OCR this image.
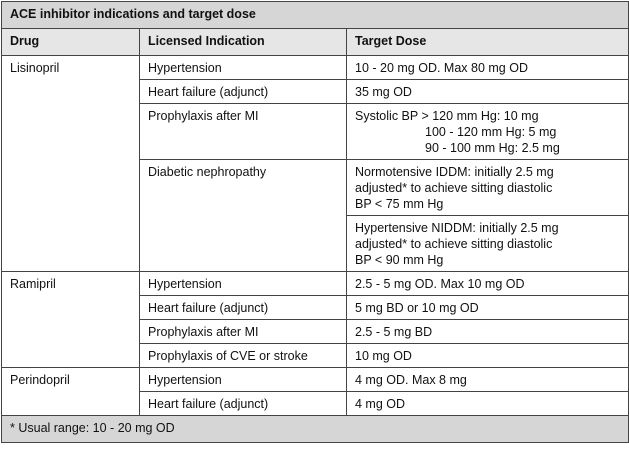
ACE inhibitor indications and target dose		
Drug	Licensed Indication	Target Dose
Lisinopril	Hypertension	10 - 20 mg OD. Max 80 mg OD
	Heart failure (adjunct)	35 mg OD
	Prophylaxis after MI	Systolic BP > 120 mm Hg: 10 mg
100 - 120 mm Hg: 5 mg
90 - 100 mm Hg: 2.5 mg

	Diabetic nephropathy	Normotensive IDDM: initially 2.5 mg
adjusted* to achieve sitting diastolic
BP < 75 mm Hg

		Hypertensive NIDDM: initially 2.5 mg
adjusted* to achieve sitting diastolic
BP < 90 mm Hg

Ramipril	Hypertension	2.5 - 5 mg OD. Max 10 mg OD
	Heart failure (adjunct)	5 mg BD or 10 mg OD
	Prophylaxis after MI	2.5 - 5 mg BD
	Prophylaxis of CVE or stroke	10 mg OD
Perindopril	Hypertension	4 mg OD. Max 8 mg
	Heart failure (adjunct)	4 mg OD
* Usual range: 10 - 20 mg OD		
